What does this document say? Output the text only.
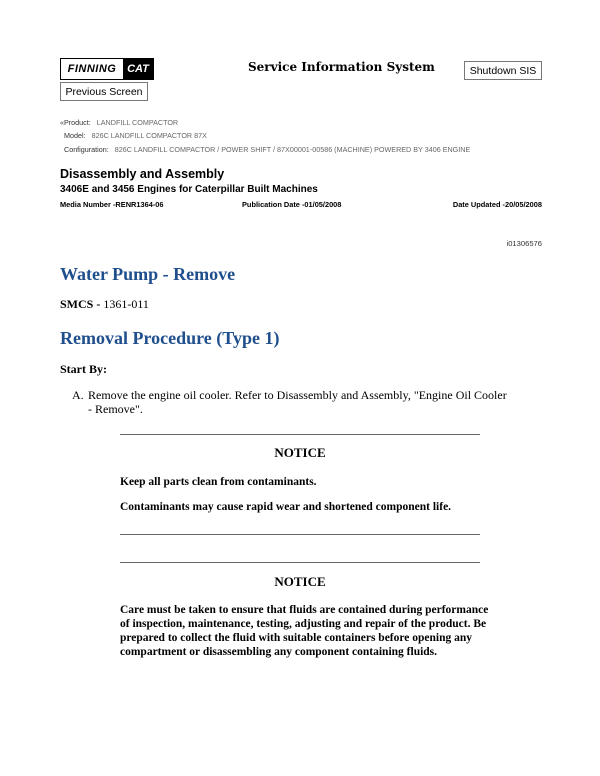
FINNING CAT	Service Information System	Shutdown SIS
Previous Screen
«Product: LANDFILL COMPACTOR
Model: 826C LANDFILL COMPACTOR 87X
Configuration: 826C LANDFILL COMPACTOR / POWER SHIFT / 87X00001-00586 (MACHINE) POWERED BY 3406 ENGINE
Disassembly and Assembly
3406E and 3456 Engines for Caterpillar Built Machines
Media Number -RENR1364-06	Publication Date -01/05/2008	Date Updated -20/05/2008
i01306576
Water Pump - Remove
SMCS - 1361-011
Removal Procedure (Type 1)
Start By:
A. Remove the engine oil cooler. Refer to Disassembly and Assembly, "Engine Oil Cooler - Remove".
NOTICE
Keep all parts clean from contaminants.
Contaminants may cause rapid wear and shortened component life.
NOTICE
Care must be taken to ensure that fluids are contained during performance of inspection, maintenance, testing, adjusting and repair of the product. Be prepared to collect the fluid with suitable containers before opening any compartment or disassembling any component containing fluids.
